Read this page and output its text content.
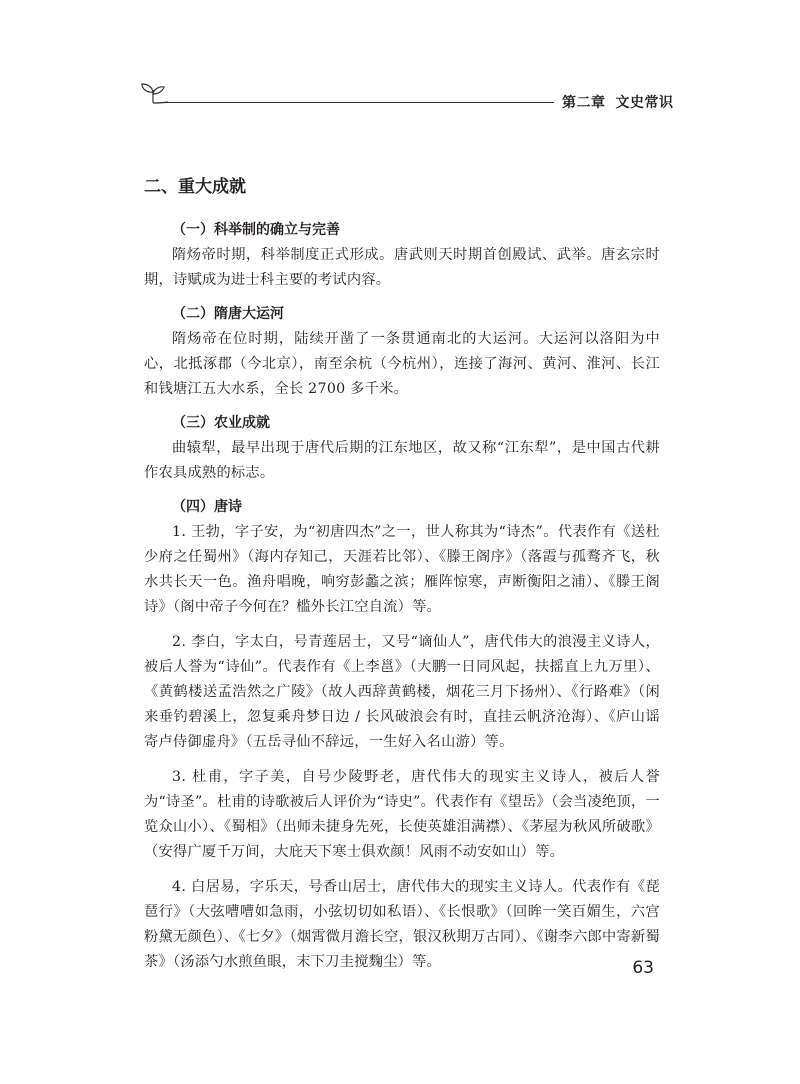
第二章 文史常识
二、重大成就
（一）科举制的确立与完善

隋炀帝时期，科举制度正式形成。唐武则天时期首创殿试、武举。唐玄宗时期，诗赋成为进士科主要的考试内容。

（二）隋唐大运河

隋炀帝在位时期，陆续开凿了一条贯通南北的大运河。大运河以洛阳为中心，北抵涿郡（今北京），南至余杭（今杭州），连接了海河、黄河、淮河、长江和钱塘江五大水系，全长 2700 多千米。

（三）农业成就

曲辕犁，最早出现于唐代后期的江东地区，故又称“江东犁”，是中国古代耕作农具成熟的标志。

（四）唐诗

1. 王勃，字子安，为“初唐四杰”之一，世人称其为“诗杰”。代表作有《送杜少府之任蜀州》（海内存知己，天涯若比邻）、《滕王阁序》（落霞与孤鹜齐飞，秋水共长天一色。渔舟唱晚，响穷彭蠡之滨；雁阵惊寒，声断衡阳之浦）、《滕王阁诗》（阁中帝子今何在？槛外长江空自流）等。

2. 李白，字太白，号青莲居士，又号“谪仙人”，唐代伟大的浪漫主义诗人，被后人誉为“诗仙”。代表作有《上李邕》（大鹏一日同风起，扶摇直上九万里）、《黄鹤楼送孟浩然之广陵》（故人西辞黄鹤楼，烟花三月下扬州）、《行路难》（闲来垂钓碧溪上，忽复乘舟梦日边 / 长风破浪会有时，直挂云帆济沧海）、《庐山谣寄卢侍御虚舟》（五岳寻仙不辞远，一生好入名山游）等。

3. 杜甫，字子美，自号少陵野老，唐代伟大的现实主义诗人，被后人誉为“诗圣”。杜甫的诗歌被后人评价为“诗史”。代表作有《望岳》（会当凌绝顶，一览众山小）、《蜀相》（出师未捷身先死，长使英雄泪满襟）、《茅屋为秋风所破歌》（安得广厦千万间，大庇天下寒士俱欢颜！风雨不动安如山）等。

4. 白居易，字乐天，号香山居士，唐代伟大的现实主义诗人。代表作有《琵琶行》（大弦嘈嘈如急雨，小弦切切如私语）、《长恨歌》（回眸一笑百媚生，六宫粉黛无颜色）、《七夕》（烟霄微月澹长空，银汉秋期万古同）、《谢李六郎中寄新蜀茶》（汤添勺水煎鱼眼，末下刀圭搅麴尘）等。	63
